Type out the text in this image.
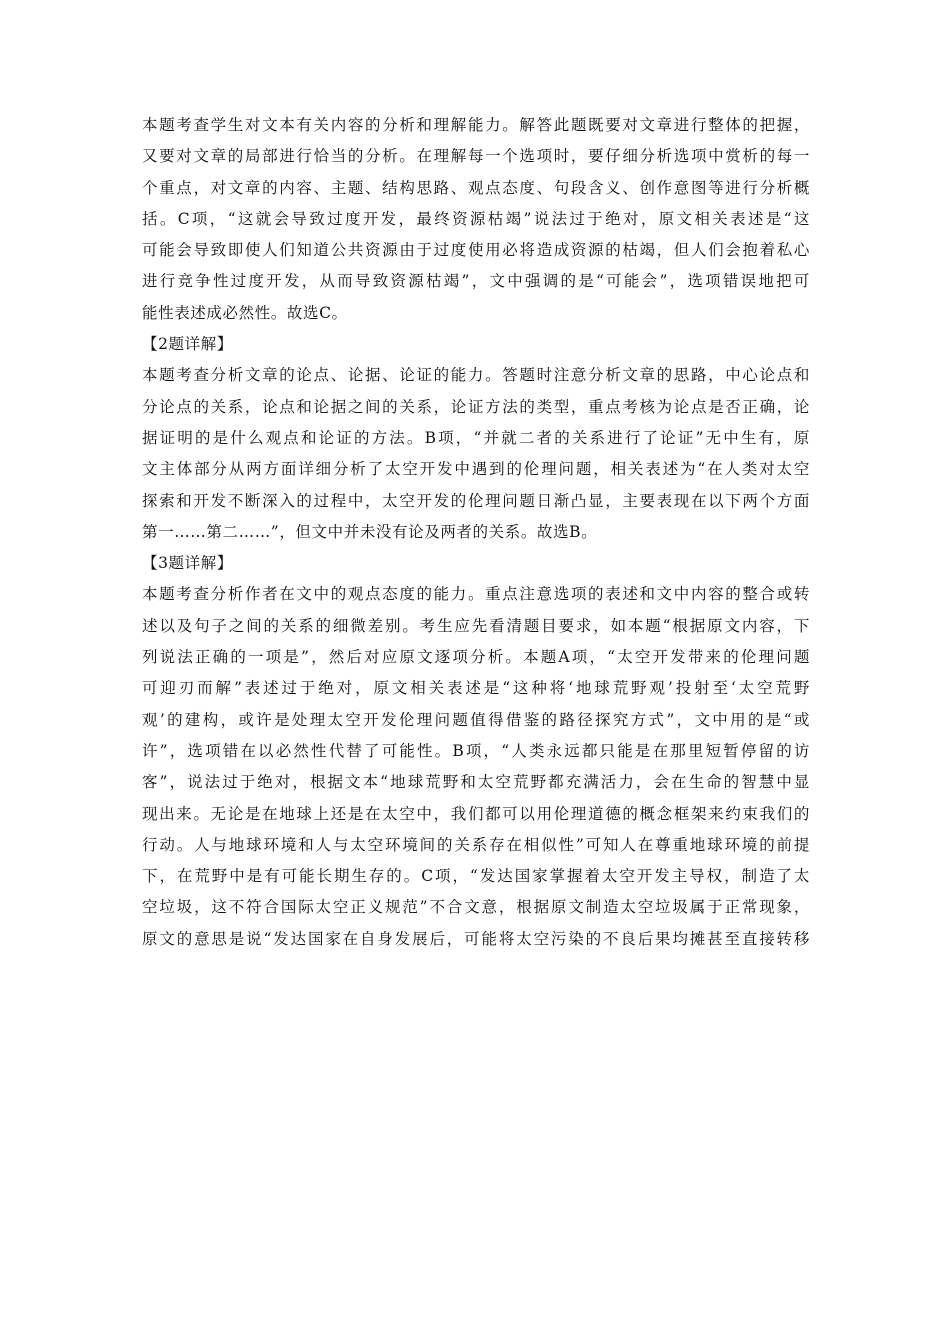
本题考查学生对文本有关内容的分析和理解能力。解答此题既要对文章进行整体的把握，
又要对文章的局部进行恰当的分析。在理解每一个选项时，要仔细分析选项中赏析的每一
个重点，对文章的内容、主题、结构思路、观点态度、句段含义、创作意图等进行分析概
括。C项，“这就会导致过度开发，最终资源枯竭”说法过于绝对，原文相关表述是“这
可能会导致即使人们知道公共资源由于过度使用必将造成资源的枯竭，但人们会抱着私心
进行竞争性过度开发，从而导致资源枯竭”，文中强调的是“可能会”，选项错误地把可
能性表述成必然性。故选C。
【2题详解】
本题考查分析文章的论点、论据、论证的能力。答题时注意分析文章的思路，中心论点和
分论点的关系，论点和论据之间的关系，论证方法的类型，重点考核为论点是否正确，论
据证明的是什么观点和论证的方法。B项，“并就二者的关系进行了论证”无中生有，原
文主体部分从两方面详细分析了太空开发中遇到的伦理问题，相关表述为“在人类对太空
探索和开发不断深入的过程中，太空开发的伦理问题日渐凸显，主要表现在以下两个方面
第一……第二……”，但文中并未没有论及两者的关系。故选B。
【3题详解】
本题考查分析作者在文中的观点态度的能力。重点注意选项的表述和文中内容的整合或转
述以及句子之间的关系的细微差别。考生应先看清题目要求，如本题“根据原文内容，下
列说法正确的一项是”，然后对应原文逐项分析。本题A项，“太空开发带来的伦理问题
可迎刃而解”表述过于绝对，原文相关表述是“这种将‘地球荒野观’投射至‘太空荒野
观’的建构，或许是处理太空开发伦理问题值得借鉴的路径探究方式”，文中用的是“或
许”，选项错在以必然性代替了可能性。B项，“人类永远都只能是在那里短暂停留的访
客”，说法过于绝对，根据文本“地球荒野和太空荒野都充满活力，会在生命的智慧中显
现出来。无论是在地球上还是在太空中，我们都可以用伦理道德的概念框架来约束我们的
行动。人与地球环境和人与太空环境间的关系存在相似性”可知人在尊重地球环境的前提
下，在荒野中是有可能长期生存的。C项，“发达国家掌握着太空开发主导权，制造了太
空垃圾，这不符合国际太空正义规范”不合文意，根据原文制造太空垃圾属于正常现象，
原文的意思是说“发达国家在自身发展后，可能将太空污染的不良后果均摊甚至直接转移
